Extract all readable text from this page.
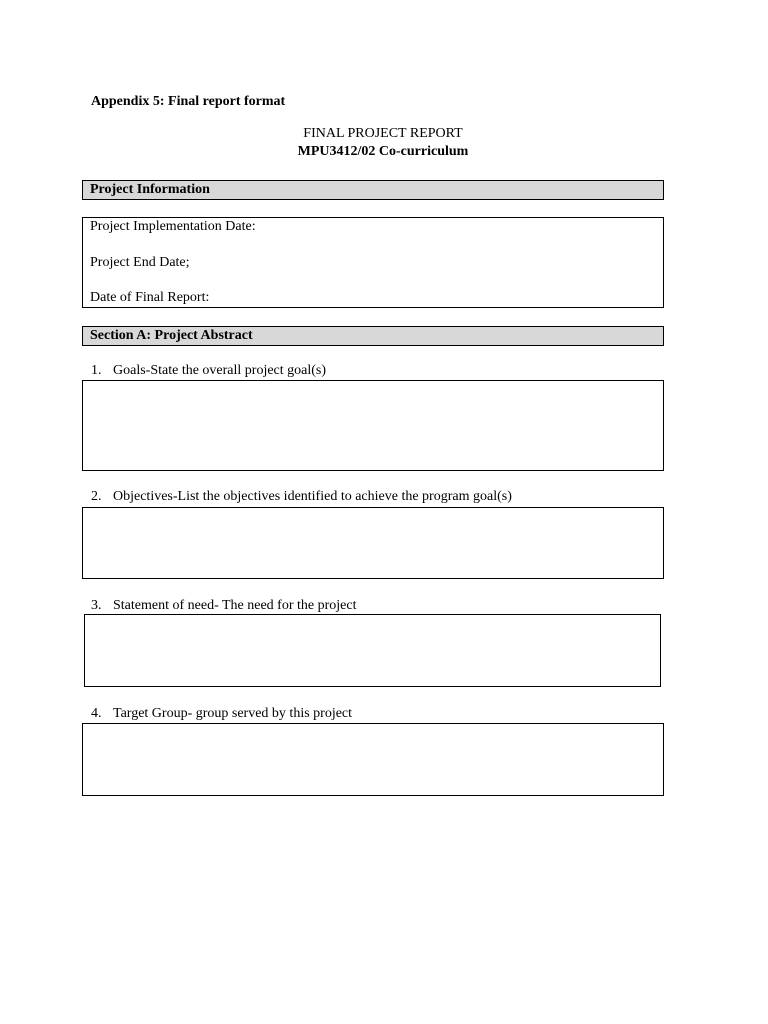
Appendix 5: Final report format
FINAL PROJECT REPORT
MPU3412/02 Co-curriculum
Project Information
Project Implementation Date:
Project End Date;
Date of Final Report:
Section A: Project Abstract
1. Goals-State the overall project goal(s)
2. Objectives-List the objectives identified to achieve the program goal(s)
3. Statement of need- The need for the project
4. Target Group- group served by this project
